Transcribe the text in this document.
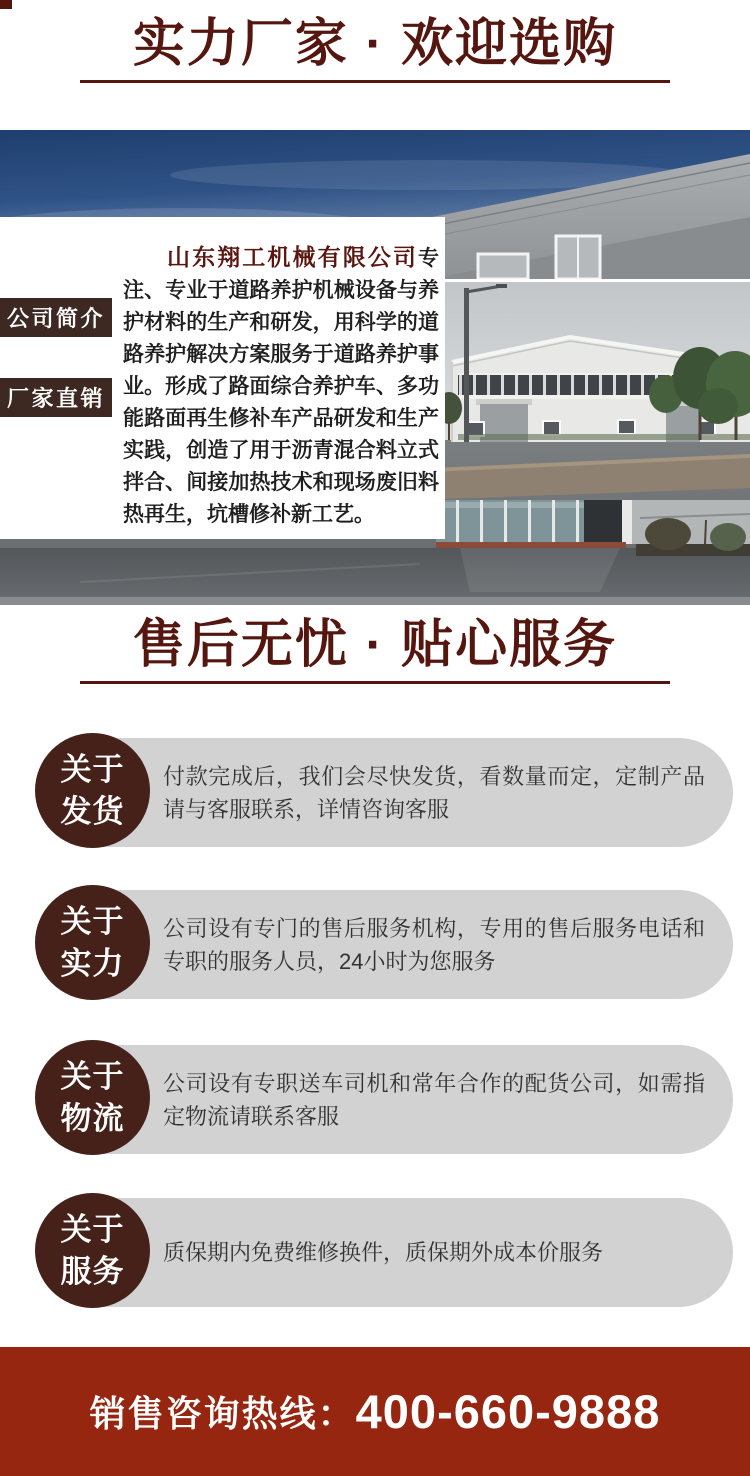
实力厂家 · 欢迎选购

山东翔工机械有限公司专注、专业于道路养护机械设备与养护材料的生产和研发，用科学的道路养护解决方案服务于道路养护事业。形成了路面综合养护车、多功能路面再生修补车产品研发和生产实践，创造了用于沥青混合料立式拌合、间接加热技术和现场废旧料热再生，坑槽修补新工艺。

公司简介
厂家直销
售后无忧 · 贴心服务

付款完成后，我们会尽快发货，看数量而定，定制产品请与客服联系，详情咨询客服

关于
发货

公司设有专门的售后服务机构，专用的售后服务电话和专职的服务人员，24小时为您服务

关于
实力

公司设有专职送车司机和常年合作的配货公司，如需指定物流请联系客服

关于
物流

质保期内免费维修换件，质保期外成本价服务

关于
服务
销售咨询热线： 400-660-9888
